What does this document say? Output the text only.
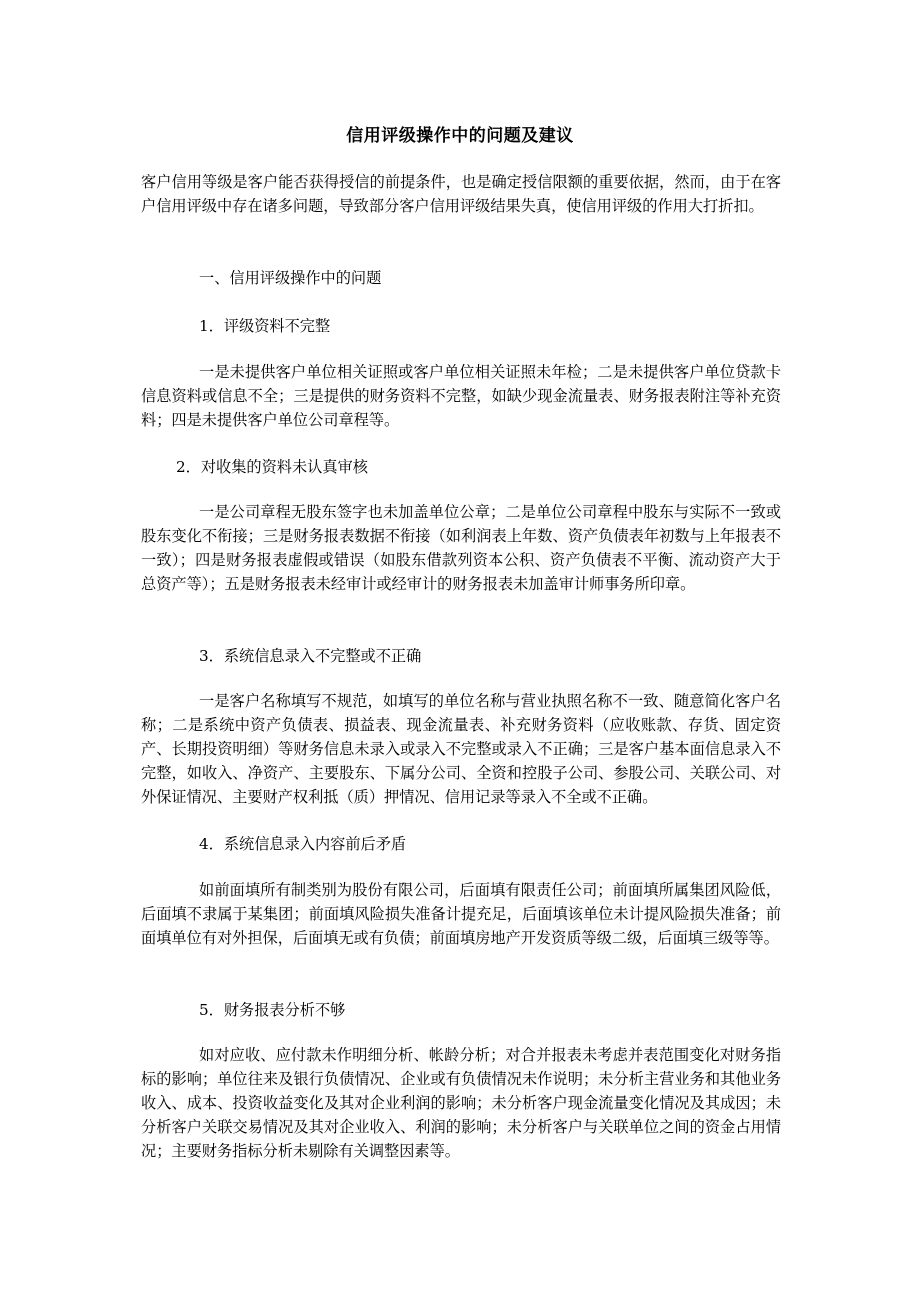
信用评级操作中的问题及建议

客户信用等级是客户能否获得授信的前提条件，也是确定授信限额的重要依据，然而，由于在客户信用评级中存在诸多问题，导致部分客户信用评级结果失真，使信用评级的作用大打折扣。

一、信用评级操作中的问题

1．评级资料不完整

一是未提供客户单位相关证照或客户单位相关证照未年检；二是未提供客户单位贷款卡信息资料或信息不全；三是提供的财务资料不完整，如缺少现金流量表、财务报表附注等补充资料；四是未提供客户单位公司章程等。

2．对收集的资料未认真审核

一是公司章程无股东签字也未加盖单位公章；二是单位公司章程中股东与实际不一致或股东变化不衔接；三是财务报表数据不衔接（如利润表上年数、资产负债表年初数与上年报表不一致）；四是财务报表虚假或错误（如股东借款列资本公积、资产负债表不平衡、流动资产大于总资产等）；五是财务报表未经审计或经审计的财务报表未加盖审计师事务所印章。

3．系统信息录入不完整或不正确

一是客户名称填写不规范，如填写的单位名称与营业执照名称不一致、随意简化客户名称；二是系统中资产负债表、损益表、现金流量表、补充财务资料（应收账款、存货、固定资产、长期投资明细）等财务信息未录入或录入不完整或录入不正确；三是客户基本面信息录入不完整，如收入、净资产、主要股东、下属分公司、全资和控股子公司、参股公司、关联公司、对外保证情况、主要财产权利抵（质）押情况、信用记录等录入不全或不正确。

4．系统信息录入内容前后矛盾

如前面填所有制类别为股份有限公司，后面填有限责任公司；前面填所属集团风险低，后面填不隶属于某集团；前面填风险损失准备计提充足，后面填该单位未计提风险损失准备；前面填单位有对外担保，后面填无或有负债；前面填房地产开发资质等级二级，后面填三级等等。

5．财务报表分析不够

如对应收、应付款未作明细分析、帐龄分析；对合并报表未考虑并表范围变化对财务指标的影响；单位往来及银行负债情况、企业或有负债情况未作说明；未分析主营业务和其他业务收入、成本、投资收益变化及其对企业利润的影响；未分析客户现金流量变化情况及其成因；未分析客户关联交易情况及其对企业收入、利润的影响；未分析客户与关联单位之间的资金占用情况；主要财务指标分析未剔除有关调整因素等。
